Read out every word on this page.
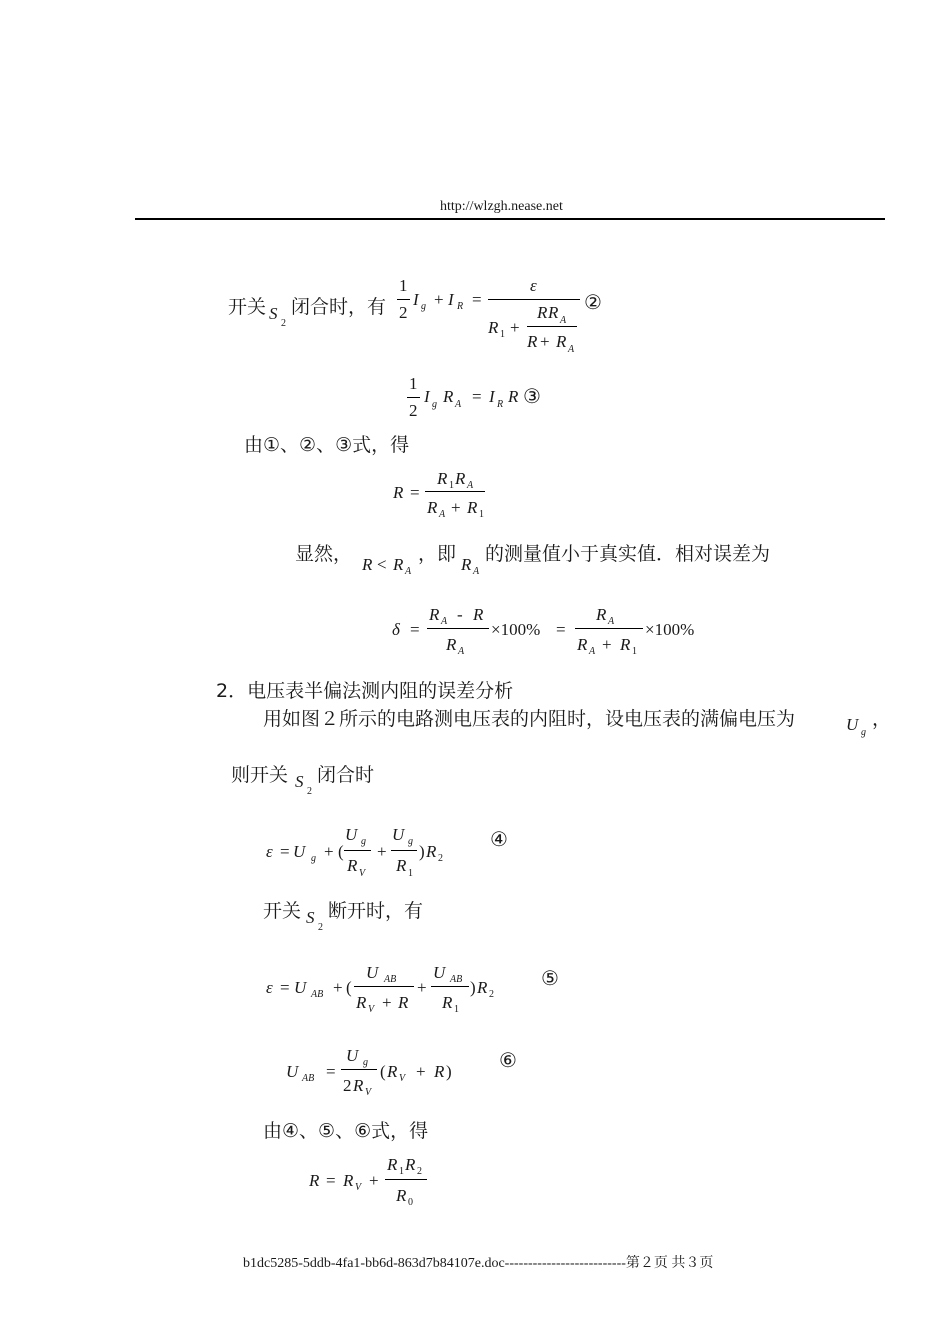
http://wlzgh.nease.net
开关 S
2
闭合时，有
1
2
I g + I R =
ε
R 1 +
R R A
R + R A
②
1
2
I g R A = I R R ③
由①、②、③式，得
R =
R 1 R A
R A + R 1
显然， R < R A
，即 R A
的测量值小于真实值．相对误差为
δ =
R A - R
R A
×100% =
R A
R A + R 1
×100%
2．电压表半偏法测内阻的误差分析
用如图２所示的电路测电压表的内阻时，设电压表的满偏电压为	U g
，
则开关 S
2
闭合时
ε = U g + (
U g
R V
+
U g
R 1
) R 2
④
开关 S
2
断开时，有
ε = U AB + (
U AB
R V + R
+
U AB
R 1
) R 2
⑤
U AB =
U g
2 R V
( R V + R ) ⑥
由④、⑤、⑥式，得
R = R V +
R 1 R 2
R 0
b1dc5285-5ddb-4fa1-bb6d-863d7b84107e.doc--------------------------第２页 共３页
